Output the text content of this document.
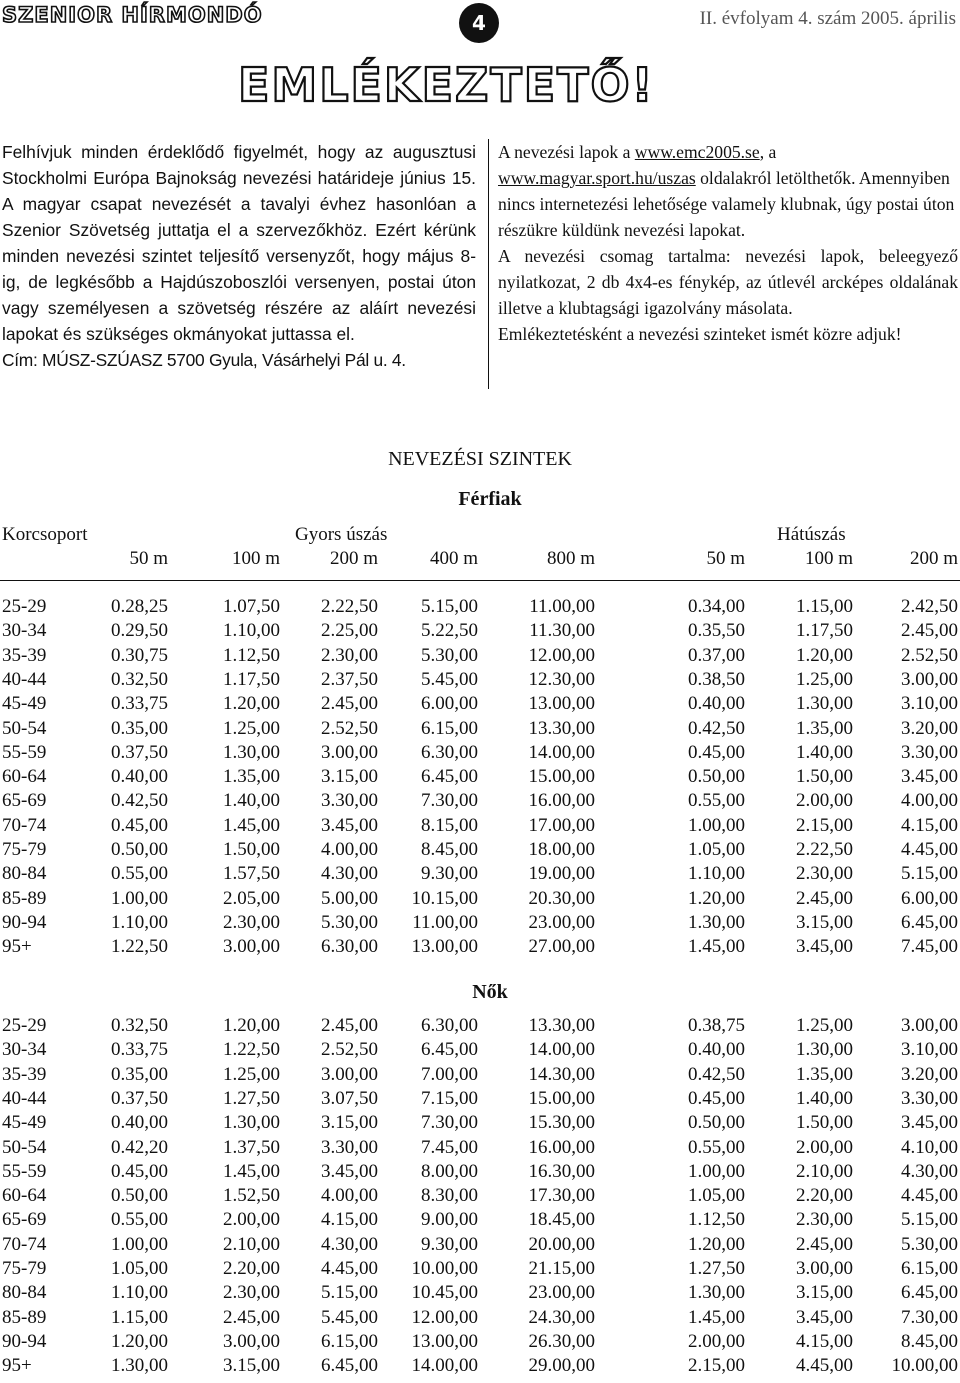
SZENIOR HÍRMONDÓ	4	II. évfolyam 4. szám 2005. április
EMLÉKEZTETŐ!

Felhívjuk minden érdeklődő figyelmét, hogy az augusztusi Stockholmi Európa Bajnokság nevezési határideje június 15. A magyar csapat nevezését a tavalyi évhez hasonlóan a Szenior Szövetség juttatja el a szervezőkhöz. Ezért kérünk minden nevezési szintet teljesítő versenyzőt, hogy május 8-ig, de legkésőbb a Hajdúszoboszlói versenyen, postai úton vagy személyesen a szövetség részére az aláírt nevezési lapokat és szükséges okmányokat juttassa el.

Cím: MÚSZ-SZÚASZ 5700 Gyula, Vásárhelyi Pál u. 4.

A nevezési lapok a www.emc2005.se, a www.magyar.sport.hu/uszas oldalakról letölthetők. Amennyiben nincs internetezési lehetősége valamely klubnak, úgy postai úton részükre küldünk nevezési lapokat.

A nevezési csomag tartalma: nevezési lapok, beleegyező nyilatkozat, 2 db 4x4-es fénykép, az útlevél arcképes oldalának illetve a klubtagsági igazolvány másolata.

Emlékeztetésként a nevezési szinteket ismét közre adjuk!

NEVEZÉSI SZINTEK
Férfiak
Korcsoport	Gyors úszás	Hátúszás
50 m	100 m	200 m	400 m	800 m	50 m	100 m	200 m
25-29	0.28,25	1.07,50 2.22,50 5.15,00	11.00,00	0.34,00	1.15,00	2.42,50
30-34	0.29,50	1.10,00 2.25,00 5.22,50	11.30,00	0.35,50	1.17,50	2.45,00
35-39	0.30,75	1.12,50 2.30,00 5.30,00	12.00,00	0.37,00	1.20,00	2.52,50
40-44	0.32,50	1.17,50 2.37,50 5.45,00	12.30,00	0.38,50	1.25,00	3.00,00
45-49	0.33,75	1.20,00 2.45,00 6.00,00	13.00,00	0.40,00	1.30,00	3.10,00
50-54	0.35,00	1.25,00 2.52,50 6.15,00	13.30,00	0.42,50	1.35,00	3.20,00
55-59	0.37,50	1.30,00 3.00,00 6.30,00	14.00,00	0.45,00	1.40,00	3.30,00
60-64	0.40,00	1.35,00 3.15,00 6.45,00	15.00,00	0.50,00	1.50,00	3.45,00
65-69	0.42,50	1.40,00 3.30,00 7.30,00	16.00,00	0.55,00	2.00,00	4.00,00
70-74	0.45,00	1.45,00 3.45,00 8.15,00	17.00,00	1.00,00	2.15,00	4.15,00
75-79	0.50,00	1.50,00 4.00,00 8.45,00	18.00,00	1.05,00	2.22,50	4.45,00
80-84	0.55,00	1.57,50 4.30,00 9.30,00	19.00,00	1.10,00	2.30,00	5.15,00
85-89	1.00,00	2.05,00 5.00,00 10.15,00	20.30,00	1.20,00	2.45,00	6.00,00
90-94	1.10,00	2.30,00 5.30,00 11.00,00	23.00,00	1.30,00	3.15,00	6.45,00
95+	1.22,50	3.00,00 6.30,00 13.00,00	27.00,00	1.45,00	3.45,00	7.45,00
Nők
25-29	0.32,50	1.20,00 2.45,00 6.30,00	13.30,00	0.38,75	1.25,00	3.00,00
30-34	0.33,75	1.22,50 2.52,50 6.45,00	14.00,00	0.40,00	1.30,00	3.10,00
35-39	0.35,00	1.25,00 3.00,00 7.00,00	14.30,00	0.42,50	1.35,00	3.20,00
40-44	0.37,50	1.27,50 3.07,50 7.15,00	15.00,00	0.45,00	1.40,00	3.30,00
45-49	0.40,00	1.30,00 3.15,00 7.30,00	15.30,00	0.50,00	1.50,00	3.45,00
50-54	0.42,20	1.37,50 3.30,00 7.45,00	16.00,00	0.55,00	2.00,00	4.10,00
55-59	0.45,00	1.45,00 3.45,00 8.00,00	16.30,00	1.00,00	2.10,00	4.30,00
60-64	0.50,00	1.52,50 4.00,00 8.30,00	17.30,00	1.05,00	2.20,00	4.45,00
65-69	0.55,00	2.00,00 4.15,00 9.00,00	18.45,00	1.12,50	2.30,00	5.15,00
70-74	1.00,00	2.10,00 4.30,00 9.30,00	20.00,00	1.20,00	2.45,00	5.30,00
75-79	1.05,00	2.20,00 4.45,00 10.00,00	21.15,00	1.27,50	3.00,00	6.15,00
80-84	1.10,00	2.30,00 5.15,00 10.45,00	23.00,00	1.30,00	3.15,00	6.45,00
85-89	1.15,00	2.45,00 5.45,00 12.00,00	24.30,00	1.45,00	3.45,00	7.30,00
90-94	1.20,00	3.00,00 6.15,00 13.00,00	26.30,00	2.00,00	4.15,00	8.45,00
95+	1.30,00	3.15,00 6.45,00 14.00,00	29.00,00	2.15,00	4.45,00 10.00,00
